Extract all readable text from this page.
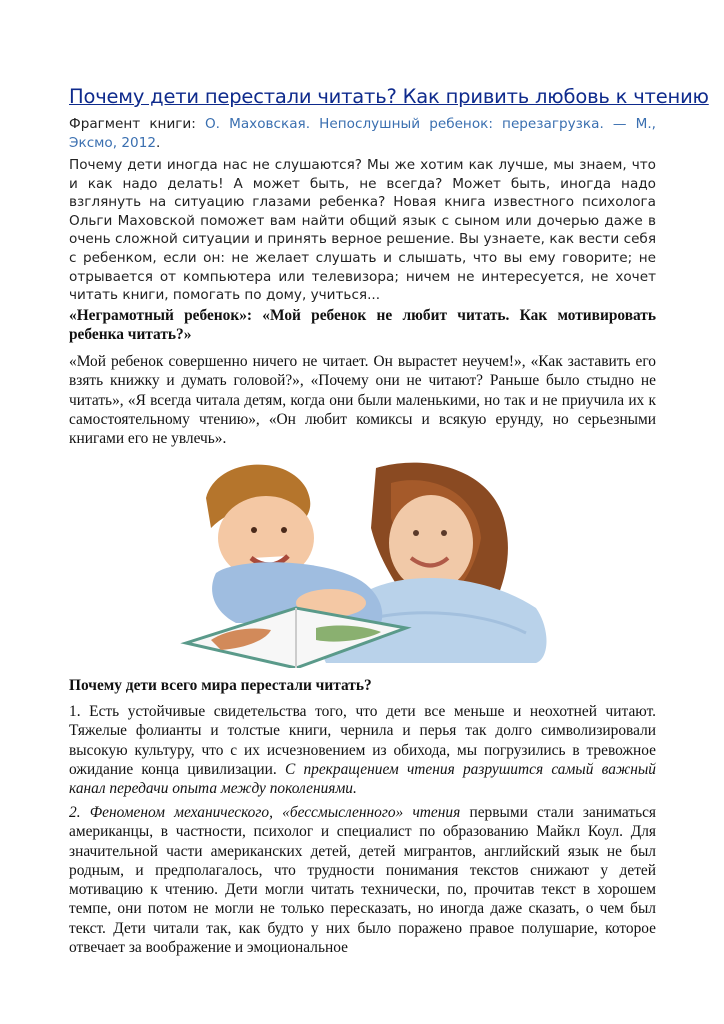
Почему дети перестали читать? Как привить любовь к чтению

Фрагмент книги: О. Маховская. Непослушный ребенок: перезагрузка. — М., Эксмо, 2012.

Почему дети иногда нас не слушаются? Мы же хотим как лучше, мы знаем, что и как надо делать! А может быть, не всегда? Может быть, иногда надо взглянуть на ситуацию глазами ребенка? Новая книга известного психолога Ольги Маховской поможет вам найти общий язык с сыном или дочерью даже в очень сложной ситуации и принять верное решение. Вы узнаете, как вести себя с ребенком, если он: не желает слушать и слышать, что вы ему говорите; не отрывается от компьютера или телевизора; ничем не интересуется, не хочет читать книги, помогать по дому, учиться...

«Неграмотный ребенок»: «Мой ребенок не любит читать. Как мотивировать ребенка читать?»

«Мой ребенок совершенно ничего не читает. Он вырастет неучем!», «Как заставить его взять книжку и думать головой?», «Почему они не читают? Раньше было стыдно не читать», «Я всегда читала детям, когда они были маленькими, но так и не приучила их к самостоятельному чтению», «Он любит комиксы и всякую ерунду, но серьезными книгами его не увлечь».

Почему дети всего мира перестали читать?

1. Есть устойчивые свидетельства того, что дети все меньше и неохотней читают. Тяжелые фолианты и толстые книги, чернила и перья так долго символизировали высокую культуру, что с их исчезновением из обихода, мы погрузились в тревожное ожидание конца цивилизации. С прекращением чтения разрушится самый важный канал передачи опыта между поколениями.

2. Феноменом механического, «бессмысленного» чтения первыми стали заниматься американцы, в частности, психолог и специалист по образованию Майкл Коул. Для значительной части американских детей, детей мигрантов, английский язык не был родным, и предполагалось, что трудности понимания текстов снижают у детей мотивацию к чтению. Дети могли читать технически, по, прочитав текст в хорошем темпе, они потом не могли не только пересказать, но иногда даже сказать, о чем был текст. Дети читали так, как будто у них было поражено правое полушарие, которое отвечает за воображение и эмоциональное
